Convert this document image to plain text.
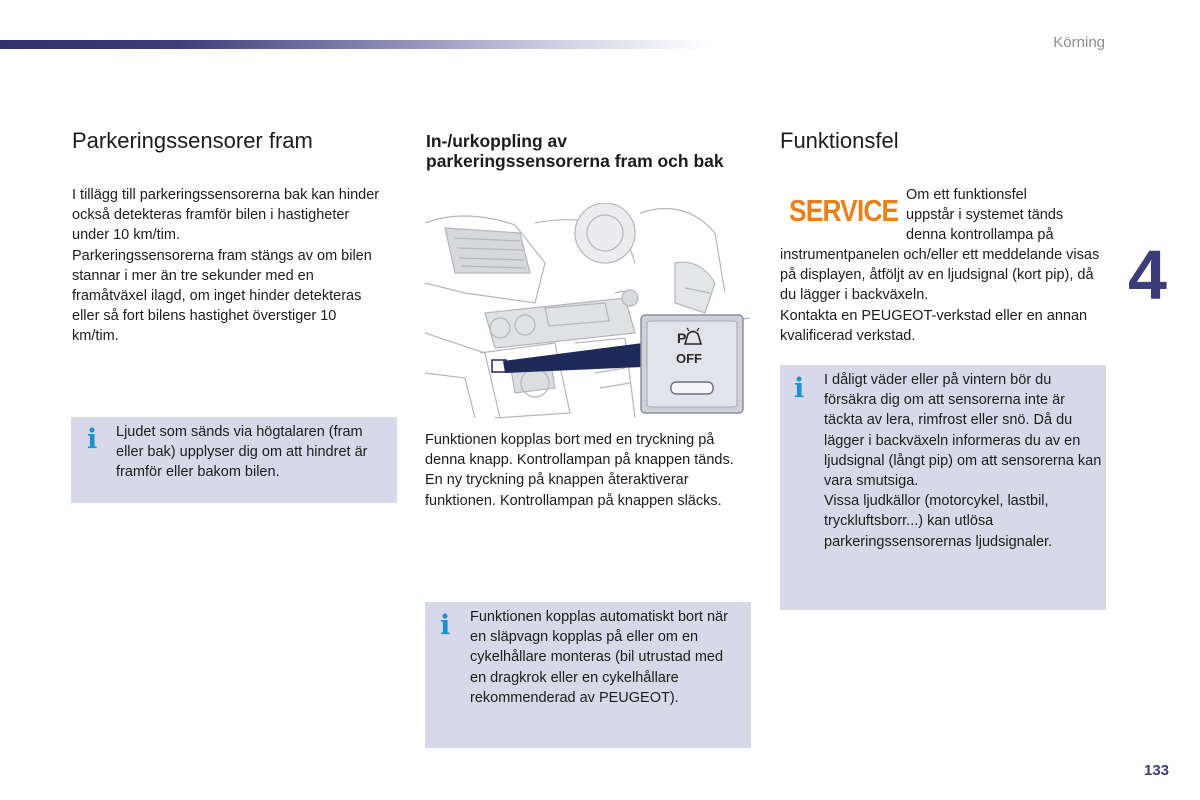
Körning
4
133
Parkeringssensorer fram

I tillägg till parkeringssensorerna bak kan hinder också detekteras framför bilen i hastigheter under 10 km/tim.

Parkeringssensorerna fram stängs av om bilen stannar i mer än tre sekunder med en framåtväxel ilagd, om inget hinder detekteras eller så fort bilens hastighet överstiger 10 km/tim.

i Ljudet som sänds via högtalaren (fram eller bak) upplyser dig om att hindret är framför eller bakom bilen.

In-/urkoppling av parkeringssensorerna fram och bak
P
OFF

Funktionen kopplas bort med en tryckning på denna knapp. Kontrollampan på knappen tänds.

En ny tryckning på knappen återaktiverar funktionen. Kontrollampan på knappen släcks.

i Funktionen kopplas automatiskt bort när en släpvagn kopplas på eller om en cykelhållare monteras (bil utrustad med en dragkrok eller en cykelhållare rekommenderad av PEUGEOT).

Funktionsfel
SERVICE Om ett funktionsfel

uppstår i systemet tänds

denna kontrollampa på

instrumentpanelen och/eller ett meddelande visas på displayen, åtföljt av en ljudsignal (kort pip), då du lägger i backväxeln.

Kontakta en PEUGEOT-verkstad eller en annan kvalificerad verkstad.

i I dåligt väder eller på vintern bör du försäkra dig om att sensorerna inte är täckta av lera, rimfrost eller snö. Då du lägger i backväxeln informeras du av en ljudsignal (långt pip) om att sensorerna kan vara smutsiga.

Vissa ljudkällor (motorcykel, lastbil, tryckluftsborr...) kan utlösa parkeringssensorernas ljudsignaler.
